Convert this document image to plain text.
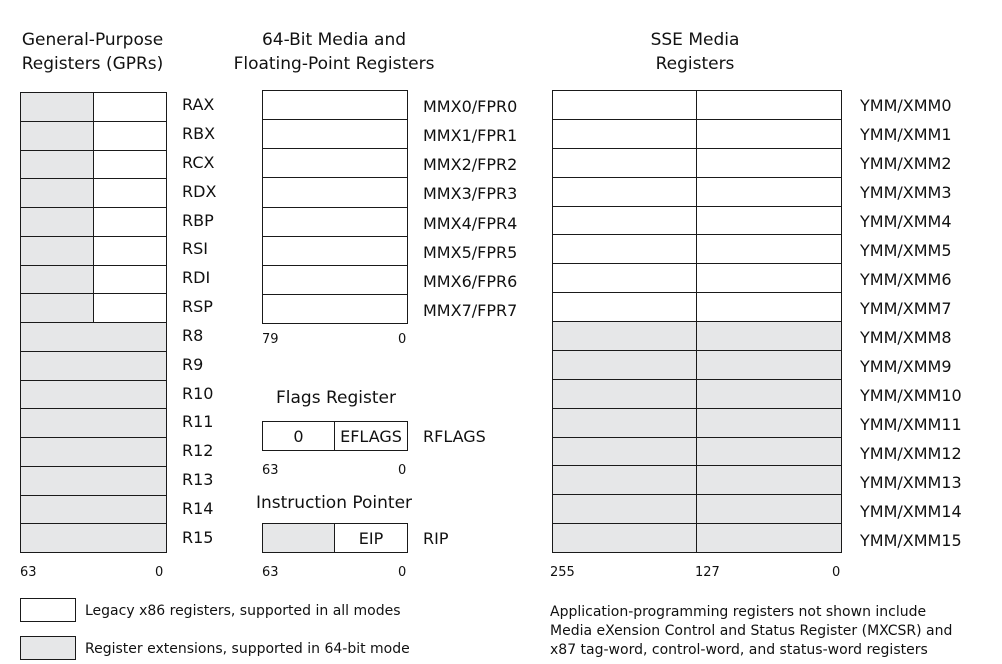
General-Purpose
Registers (GPRs)
RAX
RBX
RCX
RDX
RBP
RSI
RDI
RSP
R8
R9
R10
R11
R12
R13
R14
R15
63	0
64-Bit Media and
Floating-Point Registers
MMX0/FPR0
MMX1/FPR1
MMX2/FPR2
MMX3/FPR3
MMX4/FPR4
MMX5/FPR5
MMX6/FPR6
MMX7/FPR7
79	0
Flags Register
0	EFLAGS	RFLAGS
63	0
Instruction Pointer
EIP	RIP
63	0
SSE Media
Registers
YMM/XMM0
YMM/XMM1
YMM/XMM2
YMM/XMM3
YMM/XMM4
YMM/XMM5
YMM/XMM6
YMM/XMM7
YMM/XMM8
YMM/XMM9
YMM/XMM10
YMM/XMM11
YMM/XMM12
YMM/XMM13
YMM/XMM14
YMM/XMM15
255	127	0
Legacy x86 registers, supported in all modes
Register extensions, supported in 64-bit mode
Application-programming registers not shown include
Media eXension Control and Status Register (MXCSR) and
x87 tag-word, control-word, and status-word registers
